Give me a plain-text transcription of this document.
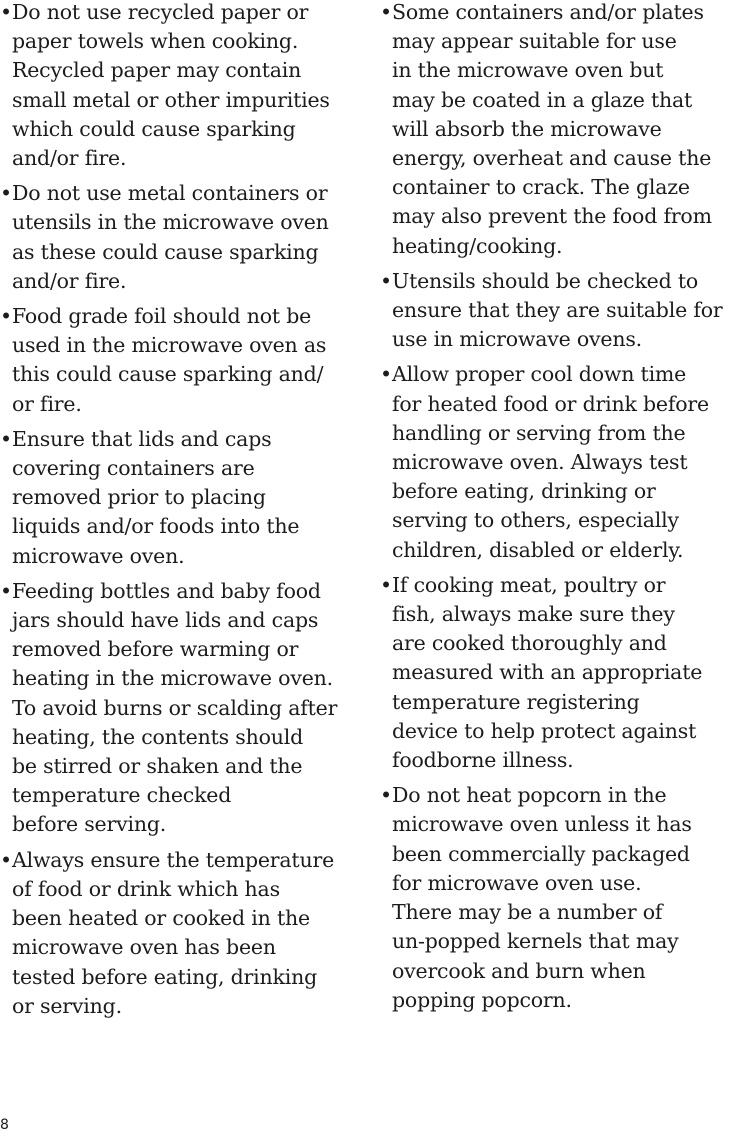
• Do not use recycled paper or
paper towels when cooking.
Recycled paper may contain
small metal or other impurities
which could cause sparking
and/or fire.
• Do not use metal containers or
utensils in the microwave oven
as these could cause sparking
and/or fire.
• Food grade foil should not be
used in the microwave oven as
this could cause sparking and/
or fire.
• Ensure that lids and caps
covering containers are
removed prior to placing
liquids and/or foods into the
microwave oven.
• Feeding bottles and baby food
jars should have lids and caps
removed before warming or
heating in the microwave oven.
To avoid burns or scalding after
heating, the contents should
be stirred or shaken and the
temperature checked
before serving.
• Always ensure the temperature
of food or drink which has
been heated or cooked in the
microwave oven has been
tested before eating, drinking
or serving.
• Some containers and/or plates
may appear suitable for use
in the microwave oven but
may be coated in a glaze that
will absorb the microwave
energy, overheat and cause the
container to crack. The glaze
may also prevent the food from
heating/cooking.
• Utensils should be checked to
ensure that they are suitable for
use in microwave ovens.
• Allow proper cool down time
for heated food or drink before
handling or serving from the
microwave oven. Always test
before eating, drinking or
serving to others, especially
children, disabled or elderly.
• If cooking meat, poultry or
fish, always make sure they
are cooked thoroughly and
measured with an appropriate
temperature registering
device to help protect against
foodborne illness.
• Do not heat popcorn in the
microwave oven unless it has
been commercially packaged
for microwave oven use.
There may be a number of
un-popped kernels that may
overcook and burn when
popping popcorn.
8
